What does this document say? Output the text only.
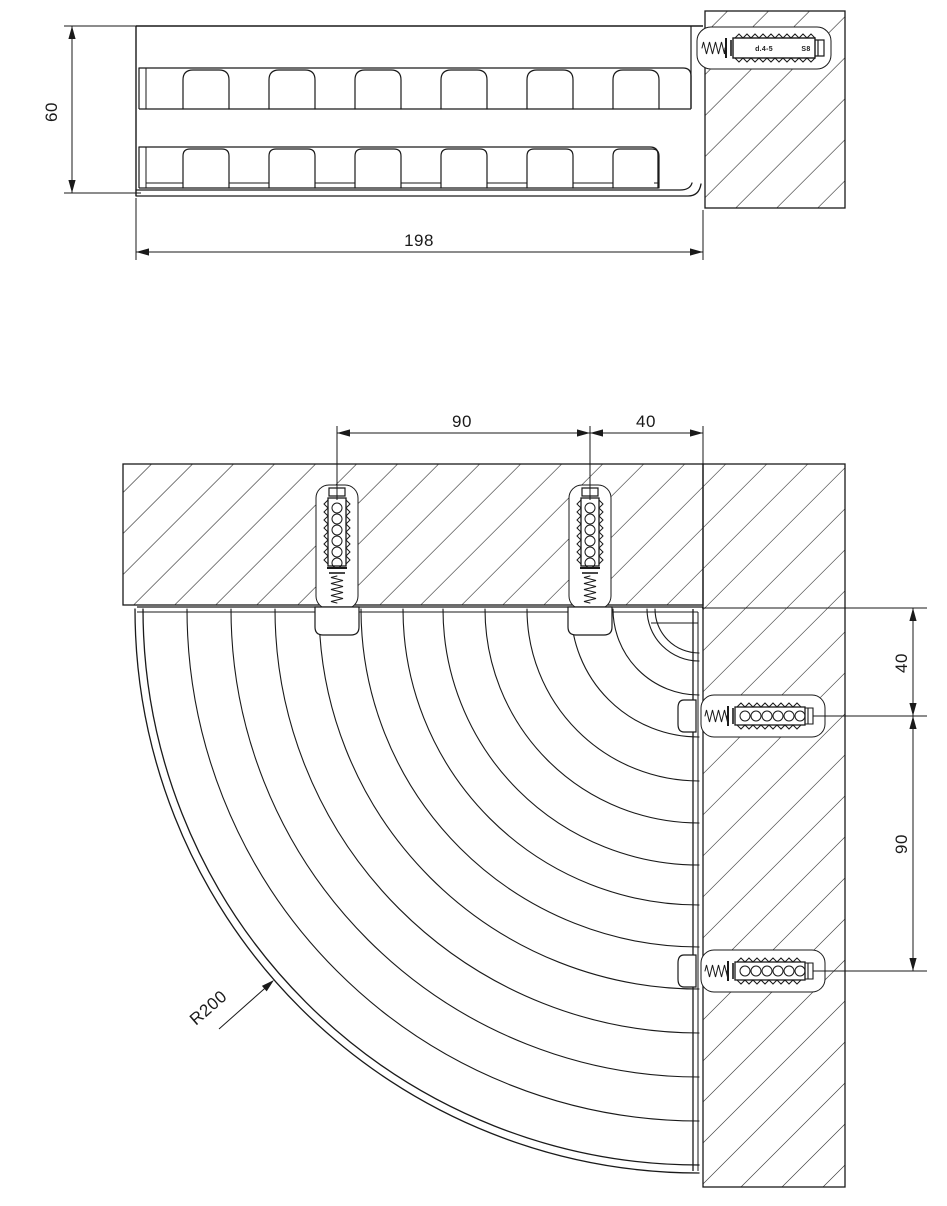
60
198
90	40
40
90
R200
d.4-5	S8
